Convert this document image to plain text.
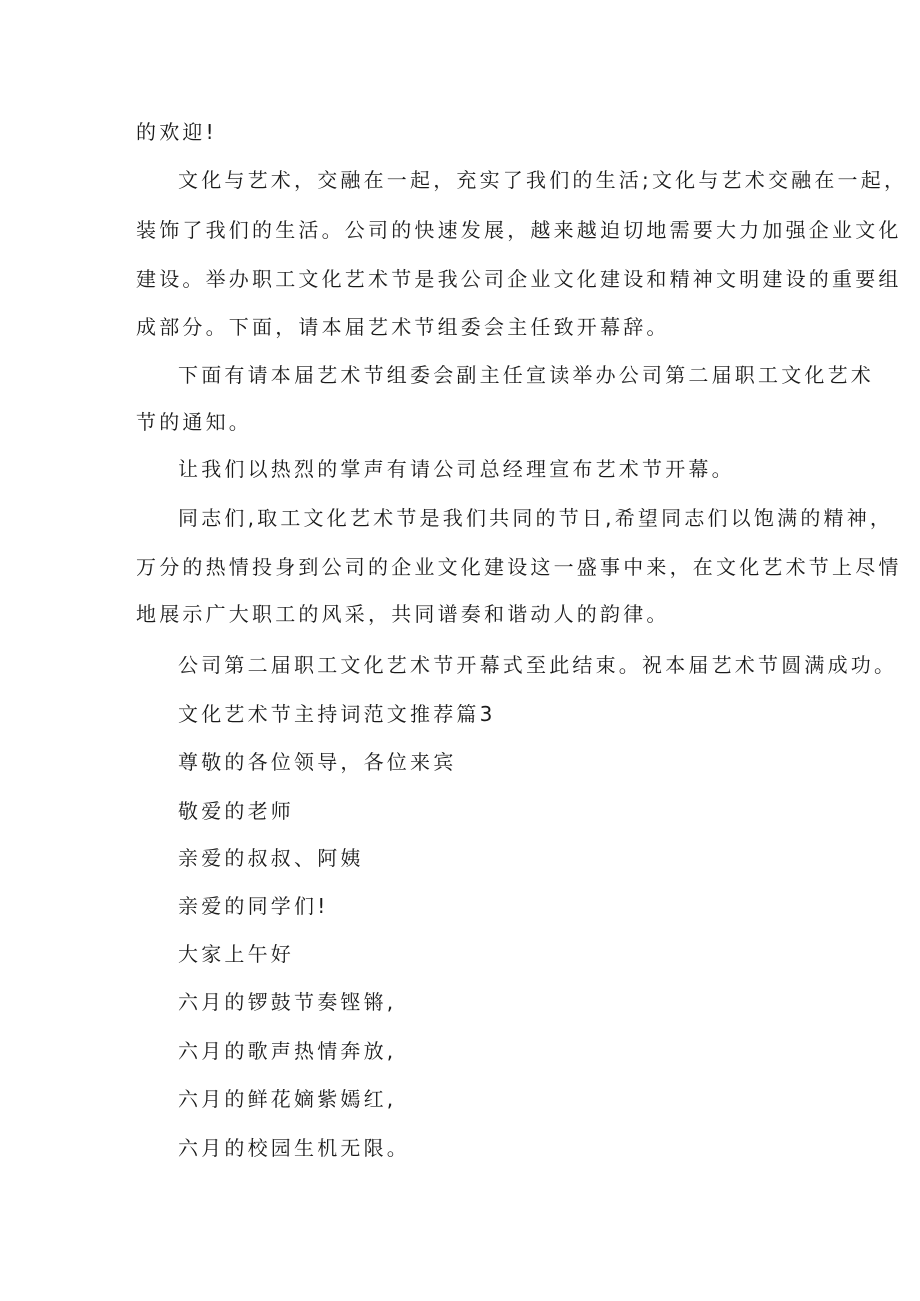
的欢迎!

文化与艺术，交融在一起，充实了我们的生活;文化与艺术交融在一起，

装饰了我们的生活。公司的快速发展，越来越迫切地需要大力加强企业文化

建设。举办职工文化艺术节是我公司企业文化建设和精神文明建设的重要组

成部分。下面，请本届艺术节组委会主任致开幕辞。

下面有请本届艺术节组委会副主任宣读举办公司第二届职工文化艺术

节的通知。

让我们以热烈的掌声有请公司总经理宣布艺术节开幕。

同志们,取工文化艺术节是我们共同的节日,希望同志们以饱满的精神，

万分的热情投身到公司的企业文化建设这一盛事中来，在文化艺术节上尽情

地展示广大职工的风采，共同谱奏和谐动人的韵律。

公司第二届职工文化艺术节开幕式至此结束。祝本届艺术节圆满成功。

文化艺术节主持词范文推荐篇3

尊敬的各位领导，各位来宾

敬爱的老师

亲爱的叔叔、阿姨

亲爱的同学们!

大家上午好

六月的锣鼓节奏铿锵,

六月的歌声热情奔放,

六月的鲜花嫡紫嫣红,

六月的校园生机无限。
